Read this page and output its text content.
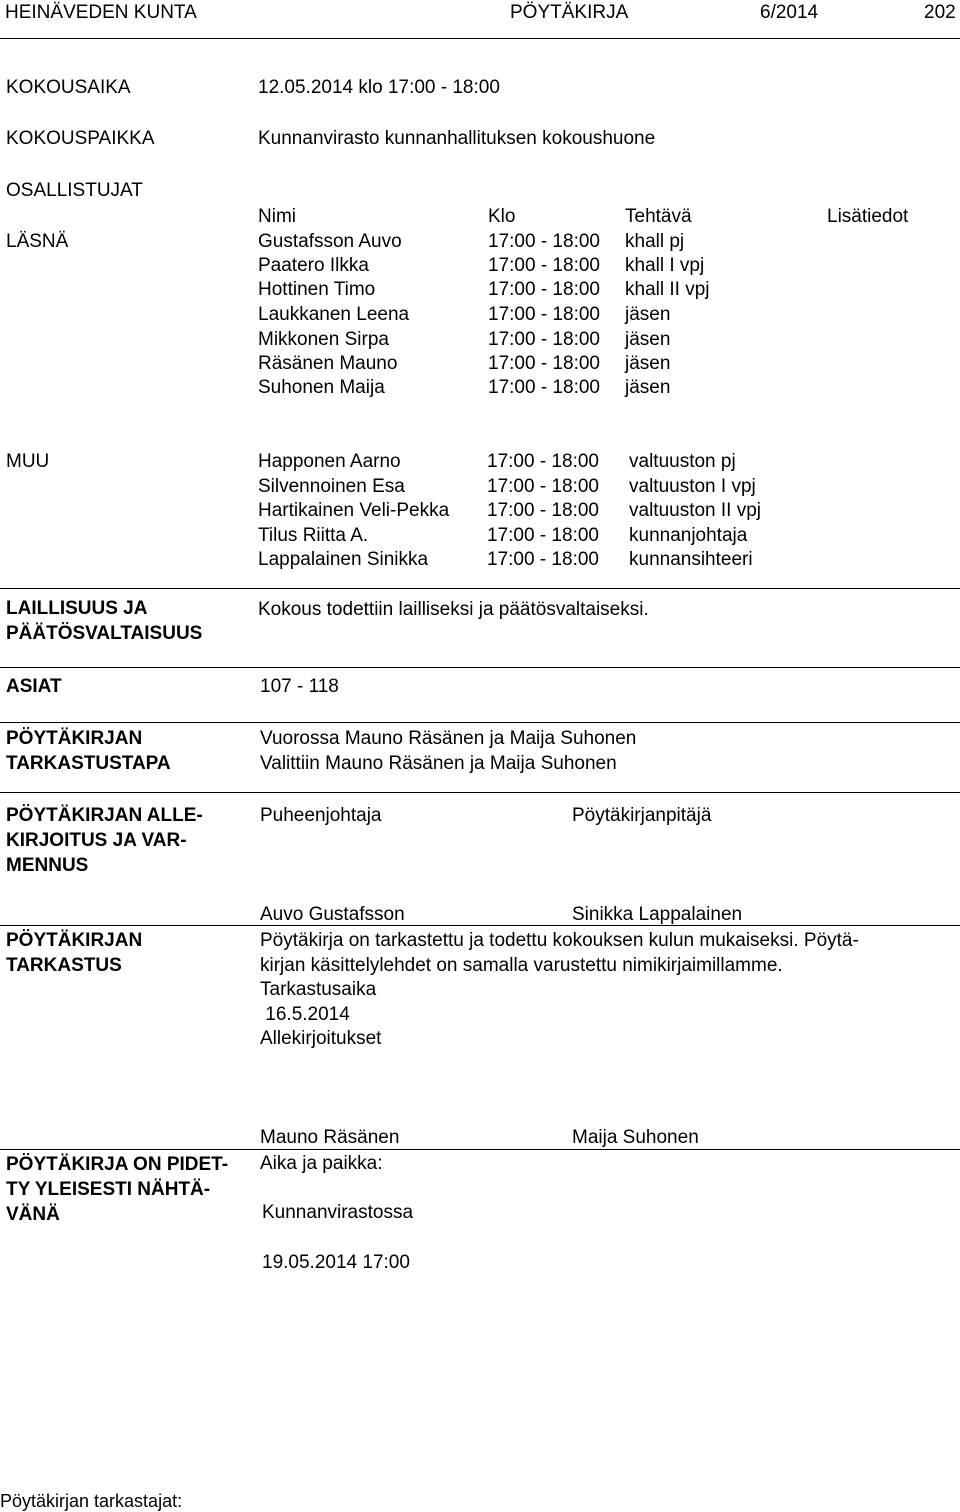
HEINÄVEDEN KUNTA	PÖYTÄKIRJA	6/2014	202
KOKOUSAIKA	12.05.2014 klo 17:00 - 18:00
KOKOUSPAIKKA	Kunnanvirasto kunnanhallituksen kokoushuone
OSALLISTUJAT
Nimi	Klo	Tehtävä	Lisätiedot
LÄSNÄ	Gustafsson Auvo	17:00 - 18:00 khall pj
Paatero Ilkka	17:00 - 18:00 khall I vpj
Hottinen Timo	17:00 - 18:00 khall II vpj
Laukkanen Leena	17:00 - 18:00 jäsen
Mikkonen Sirpa	17:00 - 18:00 jäsen
Räsänen Mauno	17:00 - 18:00 jäsen
Suhonen Maija	17:00 - 18:00 jäsen
MUU	Happonen Aarno	17:00 - 18:00 valtuuston pj
Silvennoinen Esa	17:00 - 18:00 valtuuston I vpj
Hartikainen Veli-Pekka 17:00 - 18:00 valtuuston II vpj
Tilus Riitta A.	17:00 - 18:00 kunnanjohtaja
Lappalainen Sinikka	17:00 - 18:00 kunnansihteeri
LAILLISUUS JA
PÄÄTÖSVALTAISUUS
Kokous todettiin lailliseksi ja päätösvaltaiseksi.
ASIAT	107 - 118
PÖYTÄKIRJAN
TARKASTUSTAPA
Vuorossa Mauno Räsänen ja Maija Suhonen
Valittiin Mauno Räsänen ja Maija Suhonen
PÖYTÄKIRJAN ALLE-
KIRJOITUS JA VAR-
MENNUS
Puheenjohtaja	Pöytäkirjanpitäjä
Auvo Gustafsson	Sinikka Lappalainen
PÖYTÄKIRJAN
TARKASTUS
Pöytäkirja on tarkastettu ja todettu kokouksen kulun mukaiseksi. Pöytä-
kirjan käsittelylehdet on samalla varustettu nimikirjaimillamme.
Tarkastusaika
16.5.2014
Allekirjoitukset
Mauno Räsänen	Maija Suhonen
PÖYTÄKIRJA ON PIDET-
TY YLEISESTI NÄHTÄ-
VÄNÄ
Aika ja paikka:
Kunnanvirastossa
19.05.2014 17:00
Pöytäkirjan tarkastajat:
